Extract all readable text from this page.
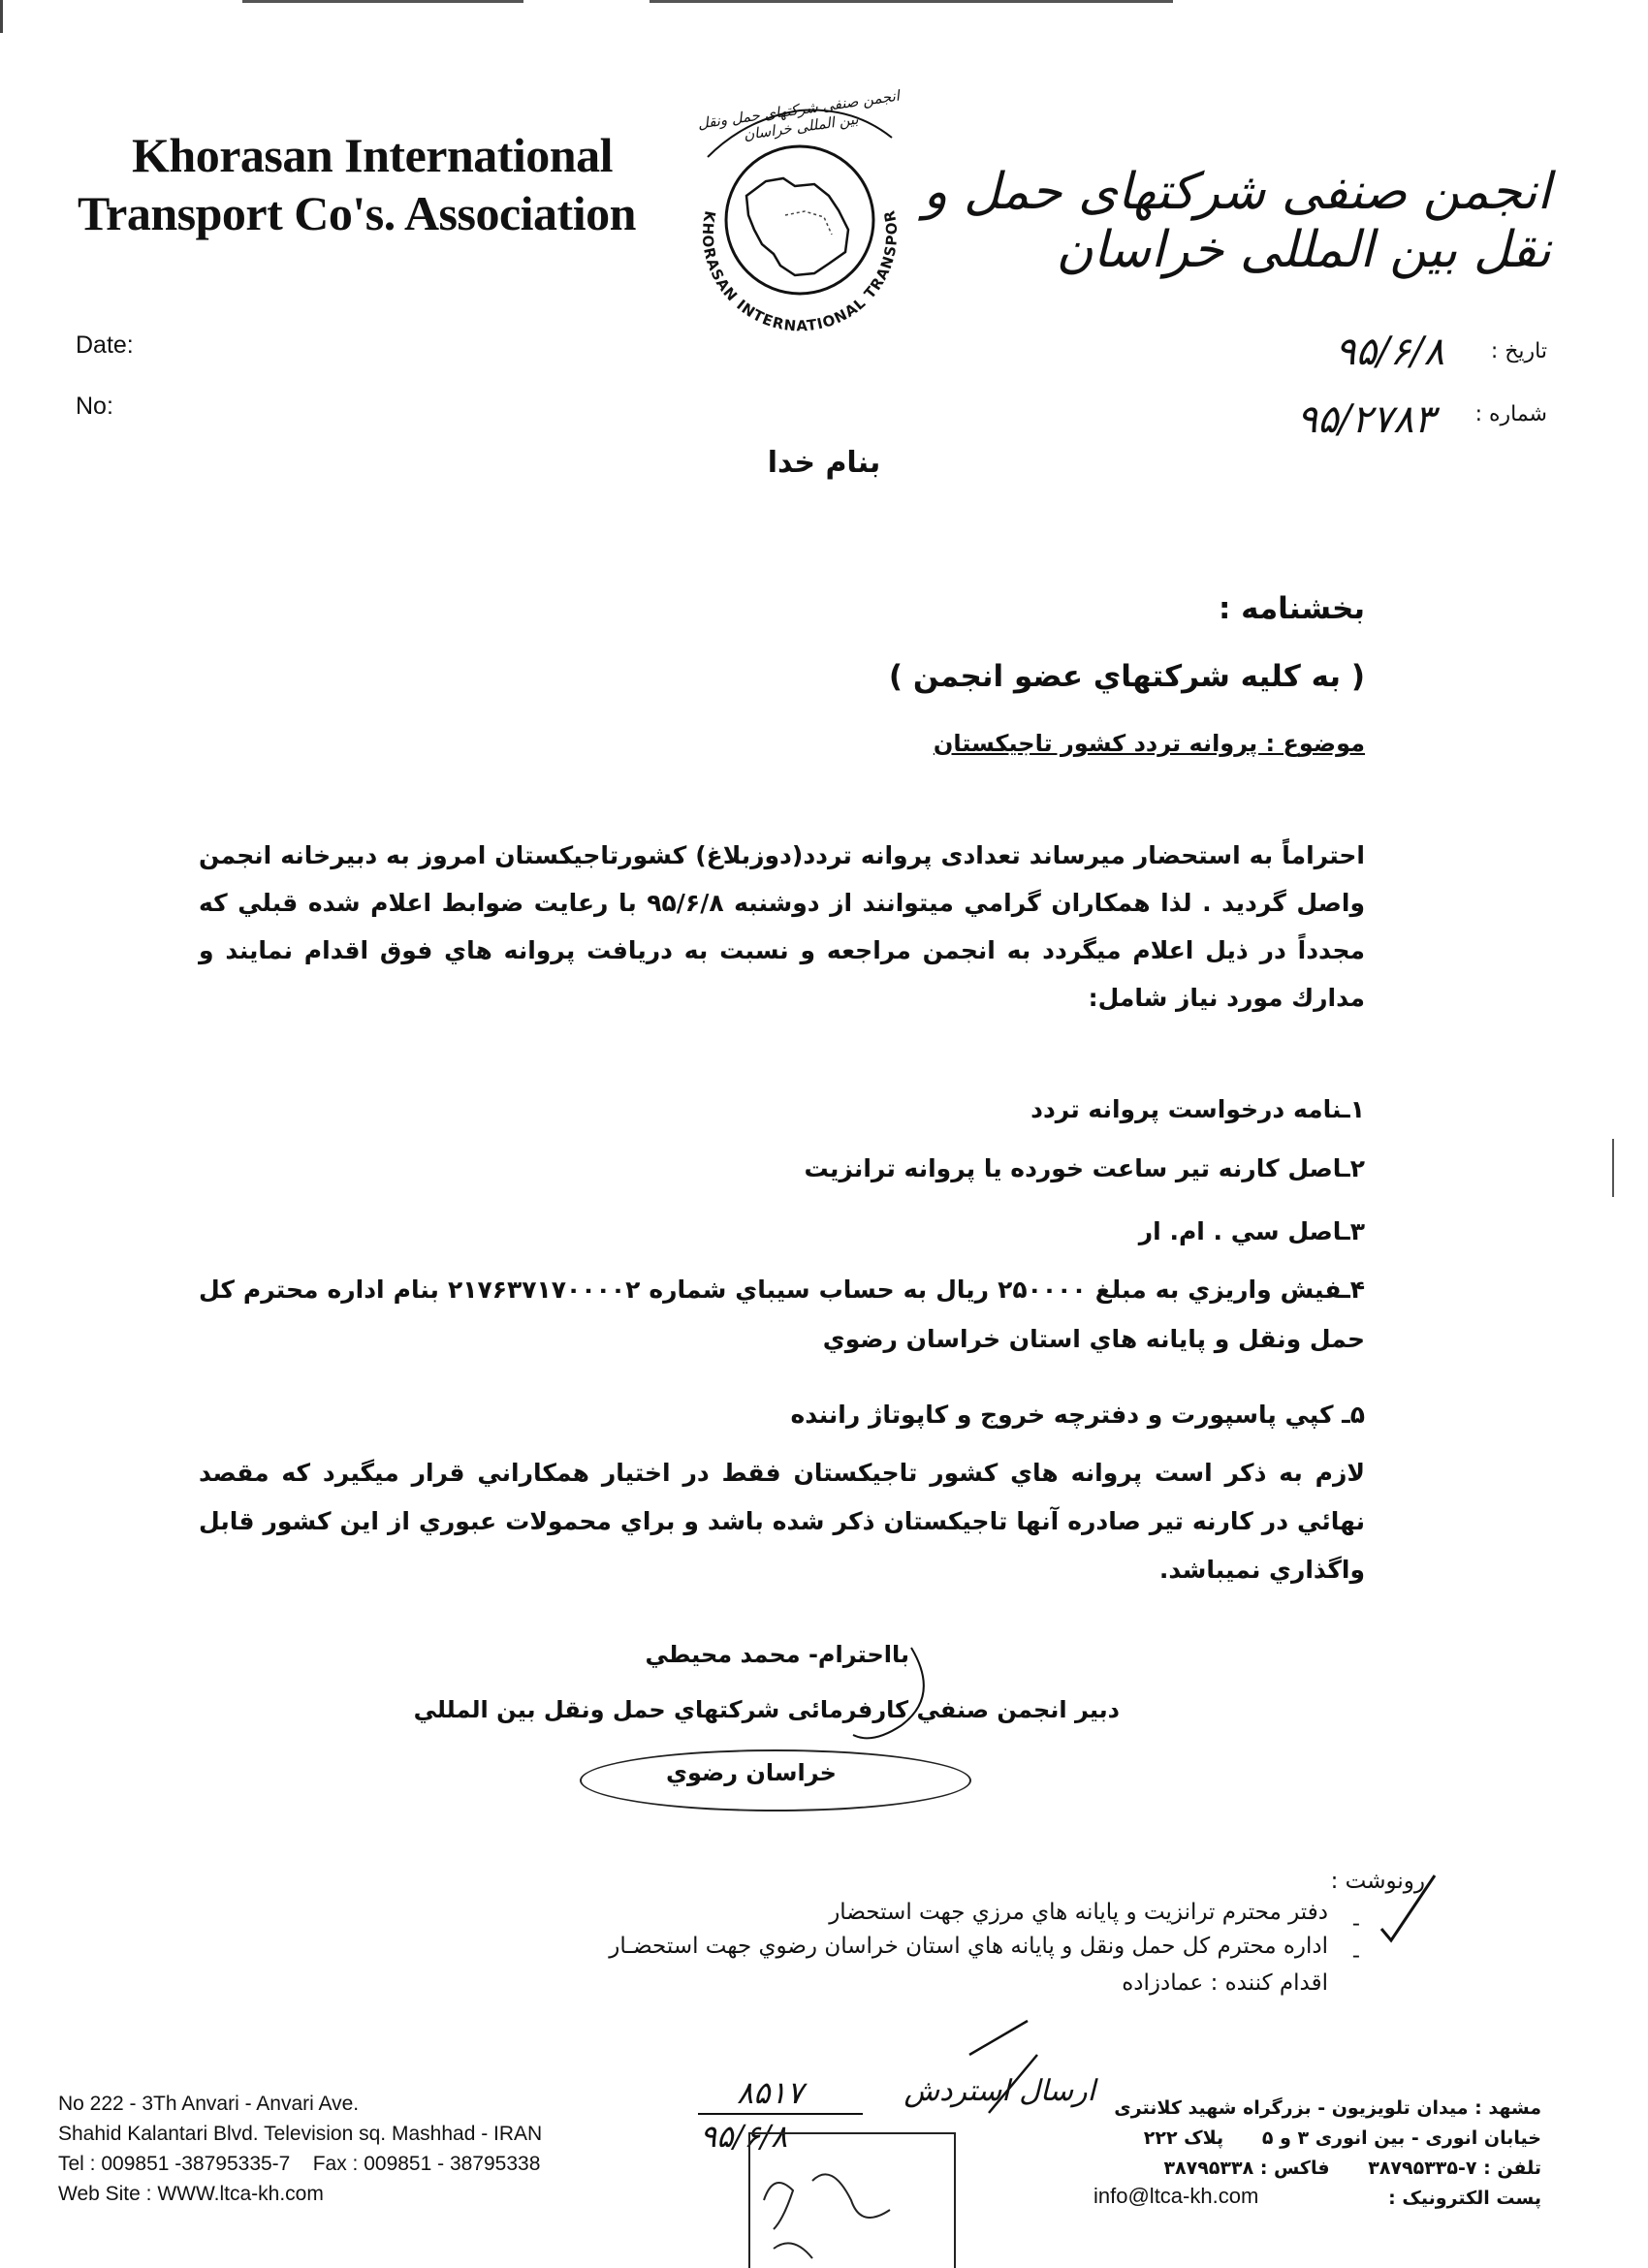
Khorasan International
Transport Co's. Association	KHORASAN INTERNATIONAL TRANSPOR
انجمن صنفی شرکتهای حمل ونقل بین المللی خراسان
انجمن صنفی شرکتهای حمل و نقل بین المللی خراسان
Date:
No:
تاریخ :
شماره :
۹۵/۶/۸
۹۵/۲۷۸۳
بنام خدا
بخشنامه :
( به کلیه شرکتهاي عضو انجمن )
موضوع : پروانه تردد کشور تاجیکستان
احتراماً به استحضار میرساند تعدادی پروانه تردد(دوزبلاغ) کشورتاجیکستان امروز به دبیرخانه انجمن واصل گردید . لذا همکاران گرامي میتوانند از دوشنبه ۹۵/۶/۸ با رعایت ضوابط اعلام شده قبلي که مجدداً در ذیل اعلام میگردد به انجمن مراجعه و نسبت به دریافت پروانه هاي فوق اقدام نمایند و مدارك مورد نیاز شامل:
۱ـنامه درخواست پروانه تردد
۲ـاصل کارنه تیر ساعت خورده یا پروانه ترانزیت
۳ـاصل سي . ام. ار
۴ـفیش واریزي به مبلغ ۲۵۰۰۰۰ ریال به حساب سیباي شماره ۲۱۷۶۳۷۱۷۰۰۰۰۲ بنام اداره محترم کل حمل ونقل و پایانه هاي استان خراسان رضوي
۵ـ کپي پاسپورت و دفترچه خروج و کاپوتاژ راننده
لازم به ذکر است پروانه هاي کشور تاجیکستان فقط در اختیار همکاراني قرار میگیرد که مقصد نهائي در کارنه تیر صادره آنها تاجیکستان ذکر شده باشد و براي محمولات عبوري از این کشور قابل واگذاري نمیباشد.
بااحترام- محمد محیطي
دبیر انجمن صنفي کارفرمائی شرکتهاي حمل ونقل بین المللي
خراسان رضوي
رونوشت :
-
دفتر محترم ترانزیت و پایانه هاي مرزي جهت استحضار
-
اداره محترم کل حمل ونقل و پایانه هاي استان خراسان رضوي جهت استحضـار
اقدام کننده : عمادزاده
۸۵۱۷
۹۵/۶/۸
ارسال استردش
No 222 - 3Th Anvari - Anvari Ave.
Shahid Kalantari Blvd. Television sq. Mashhad - IRAN
Tel : 009851 -38795335-7    Fax : 009851 - 38795338
Web Site : WWW.ltca-kh.com
مشهد : میدان تلویزیون - بزرگراه شهید کلانتری
خیابان انوری - بین انوری ۳ و ۵      پلاک ۲۲۲
تلفن : ۷-۳۸۷۹۵۳۳۵      فاکس : ۳۸۷۹۵۳۳۸
پست الکترونیک :
info@ltca-kh.com
